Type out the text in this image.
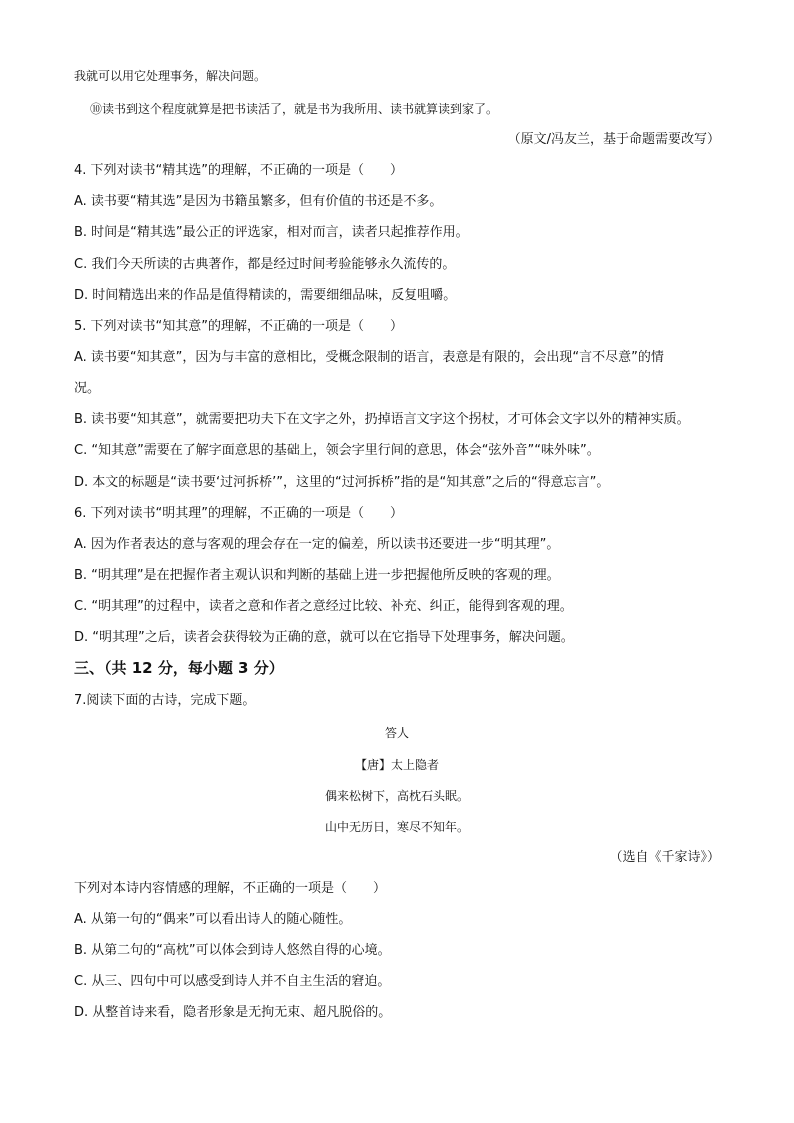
我就可以用它处理事务，解决问题。
⑩读书到这个程度就算是把书读活了，就是书为我所用、读书就算读到家了。
（原文/冯友兰，基于命题需要改写）
4. 下列对读书“精其选”的理解，不正确的一项是（　　）
A. 读书要“精其选”是因为书籍虽繁多，但有价值的书还是不多。
B. 时间是“精其选”最公正的评选家，相对而言，读者只起推荐作用。
C. 我们今天所读的古典著作，都是经过时间考验能够永久流传的。
D. 时间精选出来的作品是值得精读的，需要细细品味，反复咀嚼。
5. 下列对读书“知其意”的理解，不正确的一项是（　　）
A. 读书要“知其意”，因为与丰富的意相比，受概念限制的语言，表意是有限的，会出现“言不尽意”的情
况。
B. 读书要“知其意”，就需要把功夫下在文字之外，扔掉语言文字这个拐杖，才可体会文字以外的精神实质。
C. “知其意”需要在了解字面意思的基础上，领会字里行间的意思，体会“弦外音”“味外味”。
D. 本文的标题是“读书要‘过河拆桥’”，这里的“过河拆桥”指的是“知其意”之后的“得意忘言”。
6. 下列对读书“明其理”的理解，不正确的一项是（　　）
A. 因为作者表达的意与客观的理会存在一定的偏差，所以读书还要进一步“明其理”。
B. “明其理”是在把握作者主观认识和判断的基础上进一步把握他所反映的客观的理。
C. “明其理”的过程中，读者之意和作者之意经过比较、补充、纠正，能得到客观的理。
D. “明其理”之后，读者会获得较为正确的意，就可以在它指导下处理事务，解决问题。
三、（共 12 分，每小题 3 分）
7.阅读下面的古诗，完成下题。
答人
【唐】太上隐者
偶来松树下，高枕石头眠。
山中无历日，寒尽不知年。
（选自《千家诗》）
下列对本诗内容情感的理解，不正确的一项是（　　）
A. 从第一句的“偶来”可以看出诗人的随心随性。
B. 从第二句的“高枕”可以体会到诗人悠然自得的心境。
C. 从三、四句中可以感受到诗人并不自主生活的窘迫。
D. 从整首诗来看，隐者形象是无拘无束、超凡脱俗的。
